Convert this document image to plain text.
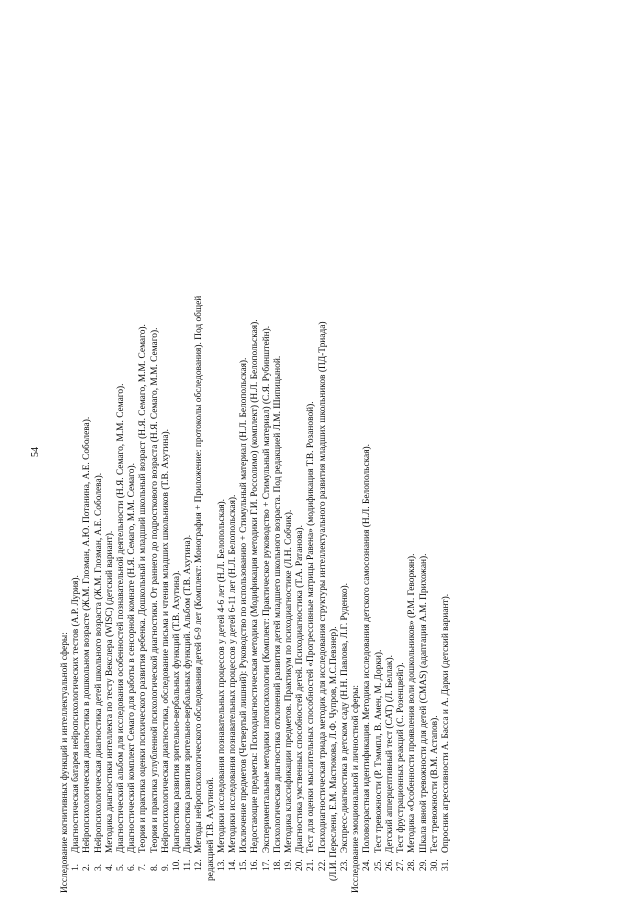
54
Исследование когнитивных функций и интеллектуальной сферы: 1.Диагностическая батарея нейропсихологических тестов (А.Р. Лурия).
2.Нейропсихологическая диагностика в дошкольном возрасте (Ж.М. Глозман, А.Ю. Потанина, А.Е. Соболева).
3.Нейропсихологическая диагностика детей школьного возраста (Ж.М. Глозман, А.Е. Соболева).
4.Методика диагностики интеллекта по тесту Векслера (WISC) (детский вариант).
5.Диагностический альбом для исследования особенностей познавательной деятельности (Н.Я. Семаго, М.М. Семаго).
6.Диагностический комплект Семаго для работы в сенсорной комнате (Н.Я. Семаго, М.М. Семаго).
7.Теория и практика оценки психического развития ребенка. Дошкольный и младший школьный возраст (Н.Я. Семаго, М.М. Семаго).
8.Теория и практика углубленной психологической диагностики. От раннего до подросткового возраста (Н.Я. Семаго, М.М. Семаго).
9.Нейропсихологическая диагностика, обследование письма и чтения младших школьников (Т.В. Ахутина).
10.Диагностика развития зрительно-вербальных функций (Т.В. Ахутина).
11.Диагностика развития зрительно-вербальных функций. Альбом (Т.В. Ахутина).
12.Методы нейропсихологического обследования детей 6-9 лет (Комплект: Монография + Приложение: протоколы обследования). Под общей редакцией Т.В. Ахутиной. 13.Методики исследования познавательных процессов у детей 4-6 лет (Н.Л. Белопольская).
14.Методики исследования познавательных процессов у детей 6-11 лет (Н.Л. Белопольская).
15.Исключение предметов (Четвертый лишний): Руководство по использованию + Стимульный материал (Н.Л. Белопольская).
16.Недостающие предметы: Психодиагностическая методика (Модификация методики Г.И. Россолимо) (комплект) (Н.Л. Белопольская).
17.Экспериментальные методики патопсихологии (Комплект: Практическое руководство + Стимульный материал) (С.Я. Рубинштейн).
18.Психологическая диагностика отклонений развития детей младшего школьного возраста. Под редакцией Л.М. Шипицыной.
19.Методика классификации предметов. Практикум по психодиагностике (Л.Н. Собчик).
20.Диагностика умственных способностей детей. Психодиагностика (Т.А. Ратанова).
21.Тест для оценки мыслительных способностей «Прогрессивные матрицы Равена» (модификация Т.В. Розановой).
22.Психодиагностическая триада методик для исследования структуры интеллектуального развития младших школьников (ПД-Триада) (Л.И. Переслени, Е.М. Мастюкова, Л.Ф. Чупров, М.С.Певзнер). 23.Экспресс-диагностика в детском саду (Н.Н. Павлова, Л.Г. Руденко). Исследование эмоциональной и личностной сферы: 24.Половозрастная идентификация. Методика исследования детского самосознания (Н.Л. Белопольская).
25.Тест тревожности (Р. Тэммпл, В. Амен, М. Дорки).
26.Детский апперцептивный тест (CAT) (Л. Беллак).
27.Тест фрустрационных реакций (С. Розенцвейг).
28.Методика «Особенности проявления воли дошкольников» (Р.М. Геворкян).
29.Шкала явной тревожности для детей (CMAS) (адаптация А.М. Прихожан).
30.Тест тревожности (В.М. Астапов).
31.Опросник агрессивности А. Басса и А. Дарки (детский вариант).
